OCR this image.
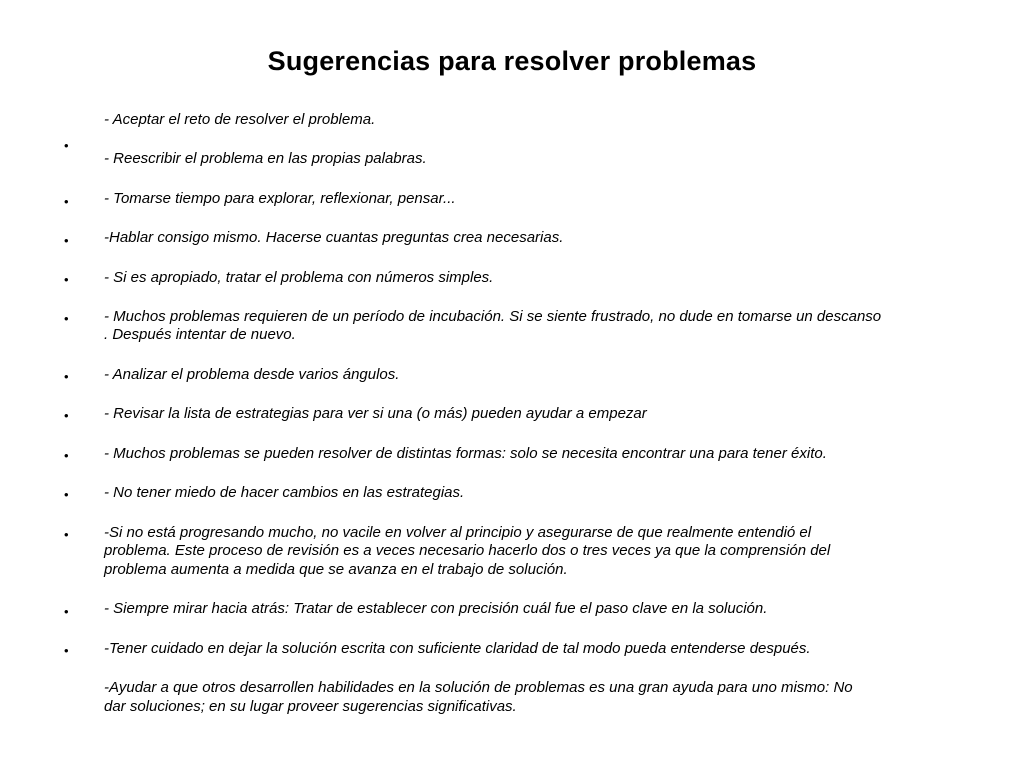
Sugerencias para resolver problemas
•
•
•
•
•
•
•
•
•
•
•
•
- Aceptar el reto de resolver el problema.
- Reescribir el problema en las propias palabras.
- Tomarse tiempo para explorar, reflexionar, pensar...
-Hablar consigo mismo. Hacerse cuantas preguntas crea necesarias.
- Si es apropiado, tratar el problema con números simples.
- Muchos problemas requieren de un período de incubación. Si se siente frustrado, no dude en tomarse un descanso
. Después intentar de nuevo.
- Analizar el problema desde varios ángulos.
- Revisar la lista de estrategias para ver si una (o más) pueden ayudar a empezar
- Muchos problemas se pueden resolver de distintas formas: solo se necesita encontrar una para tener éxito.
- No tener miedo de hacer cambios en las estrategias.
-Si no está progresando mucho, no vacile en volver al principio y asegurarse de que realmente entendió el
problema. Este proceso de revisión es a veces necesario hacerlo dos o tres veces ya que la comprensión del
problema aumenta a medida que se avanza en el trabajo de solución.
- Siempre mirar hacia atrás: Tratar de establecer con precisión cuál fue el paso clave en la solución.
-Tener cuidado en dejar la solución escrita con suficiente claridad de tal modo pueda entenderse después.
-Ayudar a que otros desarrollen habilidades en la solución de problemas es una gran ayuda para uno mismo: No
dar soluciones; en su lugar proveer sugerencias significativas.
